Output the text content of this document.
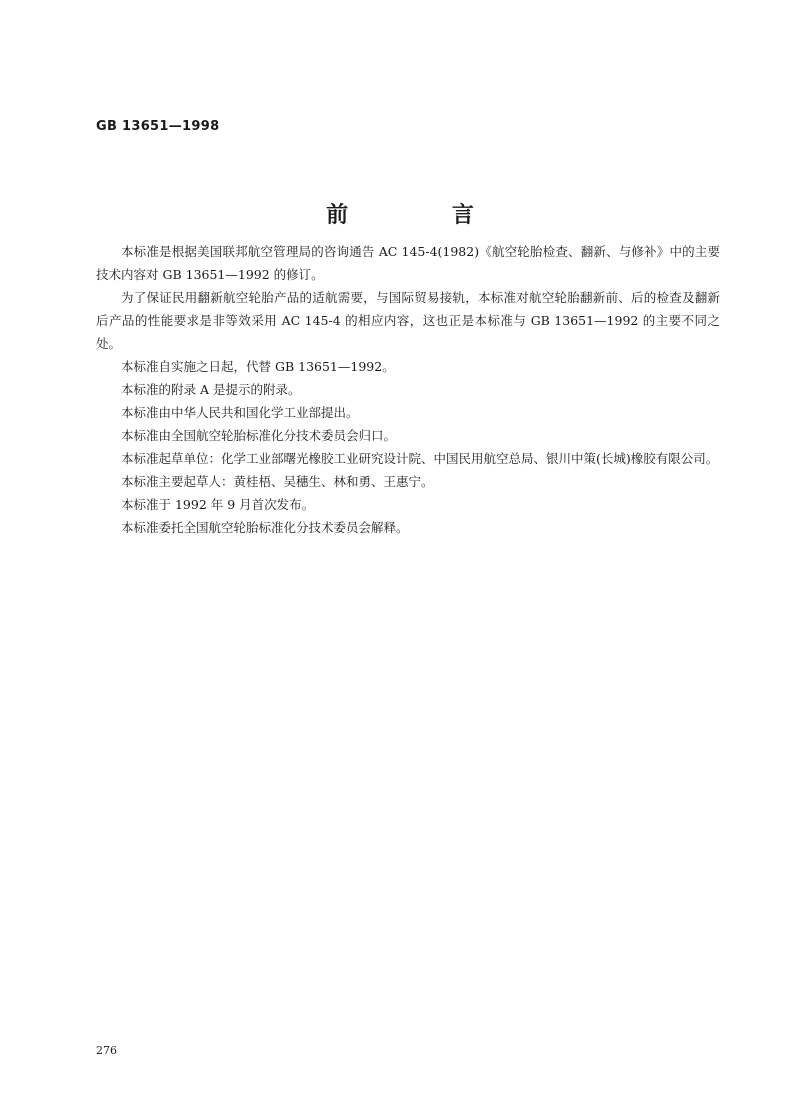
GB 13651—1998
前 言

本标准是根据美国联邦航空管理局的咨询通告 AC 145-4(1982)《航空轮胎检查、翻新、与修补》中的主要技术内容对 GB 13651—1992 的修订。

为了保证民用翻新航空轮胎产品的适航需要，与国际贸易接轨，本标准对航空轮胎翻新前、后的检查及翻新后产品的性能要求是非等效采用 AC 145-4 的相应内容，这也正是本标准与 GB 13651—1992 的主要不同之处。

本标准自实施之日起，代替 GB 13651—1992。

本标准的附录 A 是提示的附录。

本标准由中华人民共和国化学工业部提出。

本标准由全国航空轮胎标准化分技术委员会归口。

本标准起草单位：化学工业部曙光橡胶工业研究设计院、中国民用航空总局、银川中策(长城)橡胶有限公司。

本标准主要起草人：黄桂梧、吴穗生、林和勇、王惠宁。

本标准于 1992 年 9 月首次发布。

本标准委托全国航空轮胎标准化分技术委员会解释。

276
